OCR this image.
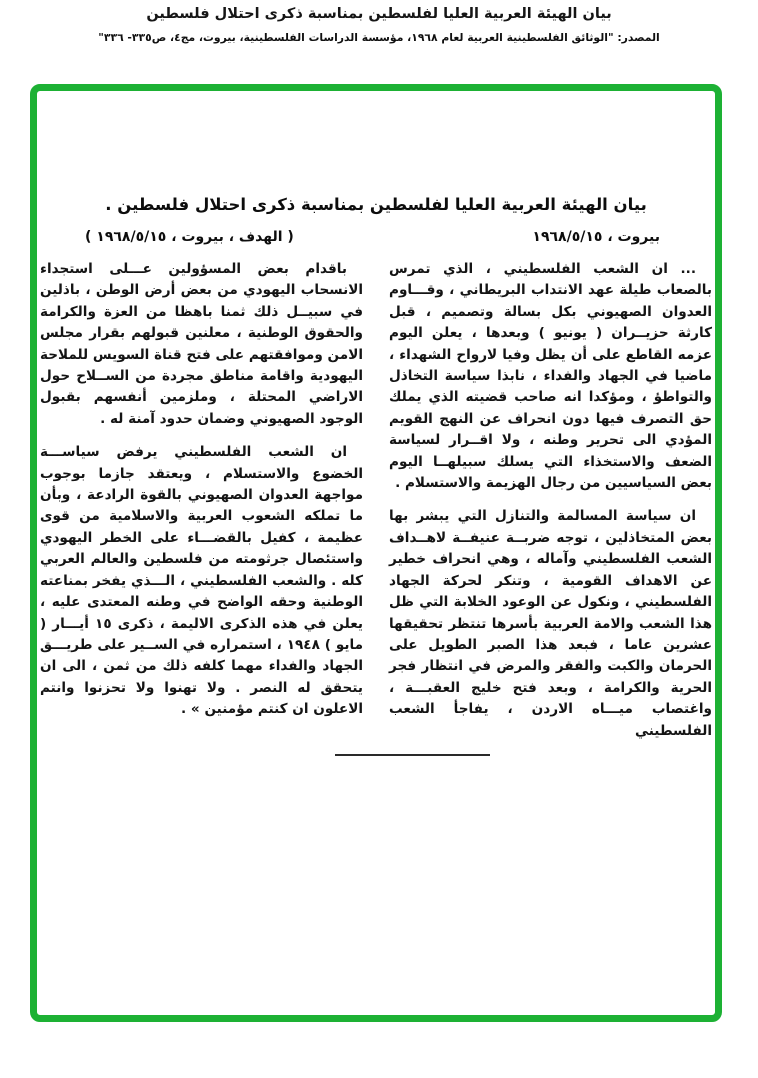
بيان الهيئة العربية العليا لفلسطين بمناسبة ذكرى احتلال فلسطين
المصدر: "الوثائق الفلسطينية العربية لعام ١٩٦٨، مؤسسة الدراسات الفلسطينية، بيروت، مج٤، ص٣٣٥- ٣٣٦"
بيان الهيئة العربية العليا لفلسطين بمناسبة ذكرى احتلال فلسطين .
بيروت ، ١٩٦٨/٥/١٥
( الهدف ، بيروت ، ١٩٦٨/٥/١٥ )

... ان الشعب الفلسطيني ، الذي تمرس بالصعاب طيلة عهد الانتداب البريطاني ، وقـــاوم العدوان الصهيوني بكل بسالة وتصميم ، قبل كارثة حزيــران ( يونيو ) وبعدها ، يعلن اليوم عزمه القاطع على أن يظل وفيا لارواح الشهداء ، ماضيا في الجهاد والفداء ، نابذا سياسة التخاذل والتواطؤ ، ومؤكدا انه صاحب قضيته الذي يملك حق التصرف فيها دون انحراف عن النهج القويم المؤدي الى تحرير وطنه ، ولا اقــرار لسياسة الضعف والاستخذاء التي يسلك سبيلهــا اليوم بعض السياسيين من رجال الهزيمة والاستسلام .

ان سياسة المسالمة والتنازل التي يبشر بها بعض المتخاذلين ، توجه ضربــة عنيفــة لاهــداف الشعب الفلسطيني وآماله ، وهي انحراف خطير عن الاهداف القومية ، وتنكر لحركة الجهاد الفلسطيني ، ونكول عن الوعود الخلابة التي ظل هذا الشعب والامة العربية بأسرها تنتظر تحقيقها عشرين عاما ، فبعد هذا الصبر الطويل على الحرمان والكبت والفقر والمرض في انتظار فجر الحرية والكرامة ، وبعد فتح خليج العقبـــة ، واغتصاب ميـــاه الاردن ، يفاجأ الشعب الفلسطيني

باقدام بعض المسؤولين عـــلى استجداء الانسحاب اليهودي من بعض أرض الوطن ، باذلين في سبيــل ذلك ثمنا باهظا من العزة والكرامة والحقوق الوطنية ، معلنين قبولهم بقرار مجلس الامن وموافقتهم على فتح قناة السويس للملاحة اليهودية واقامة مناطق مجردة من الســلاح حول الاراضي المحتلة ، وملزمين أنفسهم بقبول الوجود الصهيوني وضمان حدود آمنة له .

ان الشعب الفلسطيني يرفض سياســـة الخضوع والاستسلام ، ويعتقد جازما بوجوب مواجهة العدوان الصهيوني بالقوة الرادعة ، وبأن ما تملكه الشعوب العربية والاسلامية من قوى عظيمة ، كفيل بالقضـــاء على الخطر اليهودي واستئصال جرثومته من فلسطين والعالم العربي كله . والشعب الفلسطيني ، الـــذي يفخر بمناعته الوطنية وحقه الواضح في وطنه المعتدى عليه ، يعلن في هذه الذكرى الاليمة ، ذكرى ١٥ أيـــار ( مايو ) ١٩٤٨ ، استمراره في الســير على طريـــق الجهاد والفداء مهما كلفه ذلك من ثمن ، الى ان يتحقق له النصر . ولا تهنوا ولا تحزنوا وانتم الاعلون ان كنتم مؤمنين » .
